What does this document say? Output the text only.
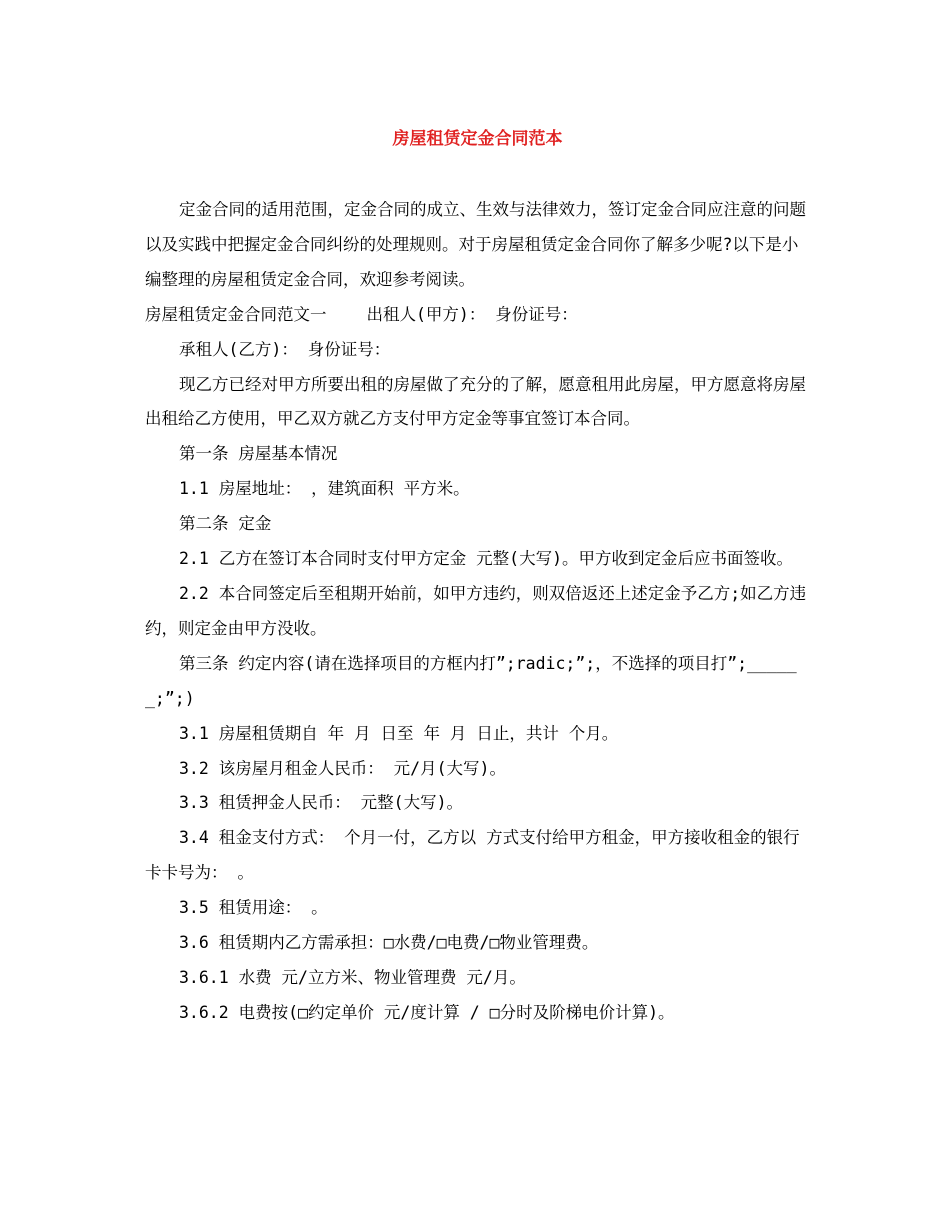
房屋租赁定金合同范本

定金合同的适用范围，定金合同的成立、生效与法律效力，签订定金合同应注意的问题以及实践中把握定金合同纠纷的处理规则。对于房屋租赁定金合同你了解多少呢?以下是小编整理的房屋租赁定金合同，欢迎参考阅读。

房屋租赁定金合同范文一 出租人(甲方)： 身份证号：

承租人(乙方)： 身份证号：

现乙方已经对甲方所要出租的房屋做了充分的了解，愿意租用此房屋，甲方愿意将房屋出租给乙方使用，甲乙双方就乙方支付甲方定金等事宜签订本合同。

第一条 房屋基本情况

1.1 房屋地址： ，建筑面积 平方米。

第二条 定金

2.1 乙方在签订本合同时支付甲方定金 元整(大写)。甲方收到定金后应书面签收。

2.2 本合同签定后至租期开始前，如甲方违约，则双倍返还上述定金予乙方;如乙方违约，则定金由甲方没收。

第三条 约定内容(请在选择项目的方框内打”;radic;”;，不选择的项目打”;______;”;)

3.1 房屋租赁期自 年 月 日至 年 月 日止，共计 个月。

3.2 该房屋月租金人民币： 元/月(大写)。

3.3 租赁押金人民币： 元整(大写)。

3.4 租金支付方式： 个月一付，乙方以 方式支付给甲方租金，甲方接收租金的银行卡卡号为： 。

3.5 租赁用途： 。

3.6 租赁期内乙方需承担：□水费/□电费/□物业管理费。

3.6.1 水费 元/立方米、物业管理费 元/月。

3.6.2 电费按(□约定单价 元/度计算 / □分时及阶梯电价计算)。
